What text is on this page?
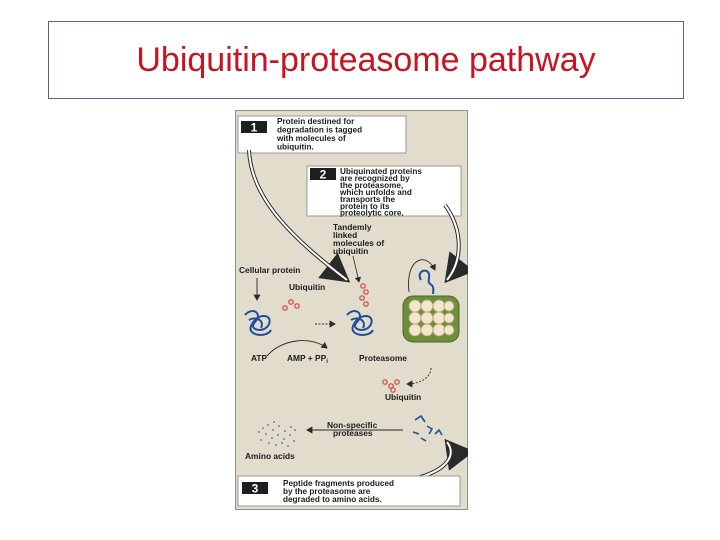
Ubiquitin-proteasome pathway
1 Protein destined for
degradation is tagged
with molecules of
ubiquitin.
2 Ubiquinated proteins
are recognized by
the proteasome,
which unfolds and
transports the
protein to its
proteolytic core.
Tandemly
linked
molecules of
ubiquitin
Cellular protein
Ubiquitin
ATP AMP + $PP_i$	Proteasome
Ubiquitin
Non-specific
proteases
Amino acids
3	Peptide fragments produced
by the proteasome are
degraded to amino acids.
